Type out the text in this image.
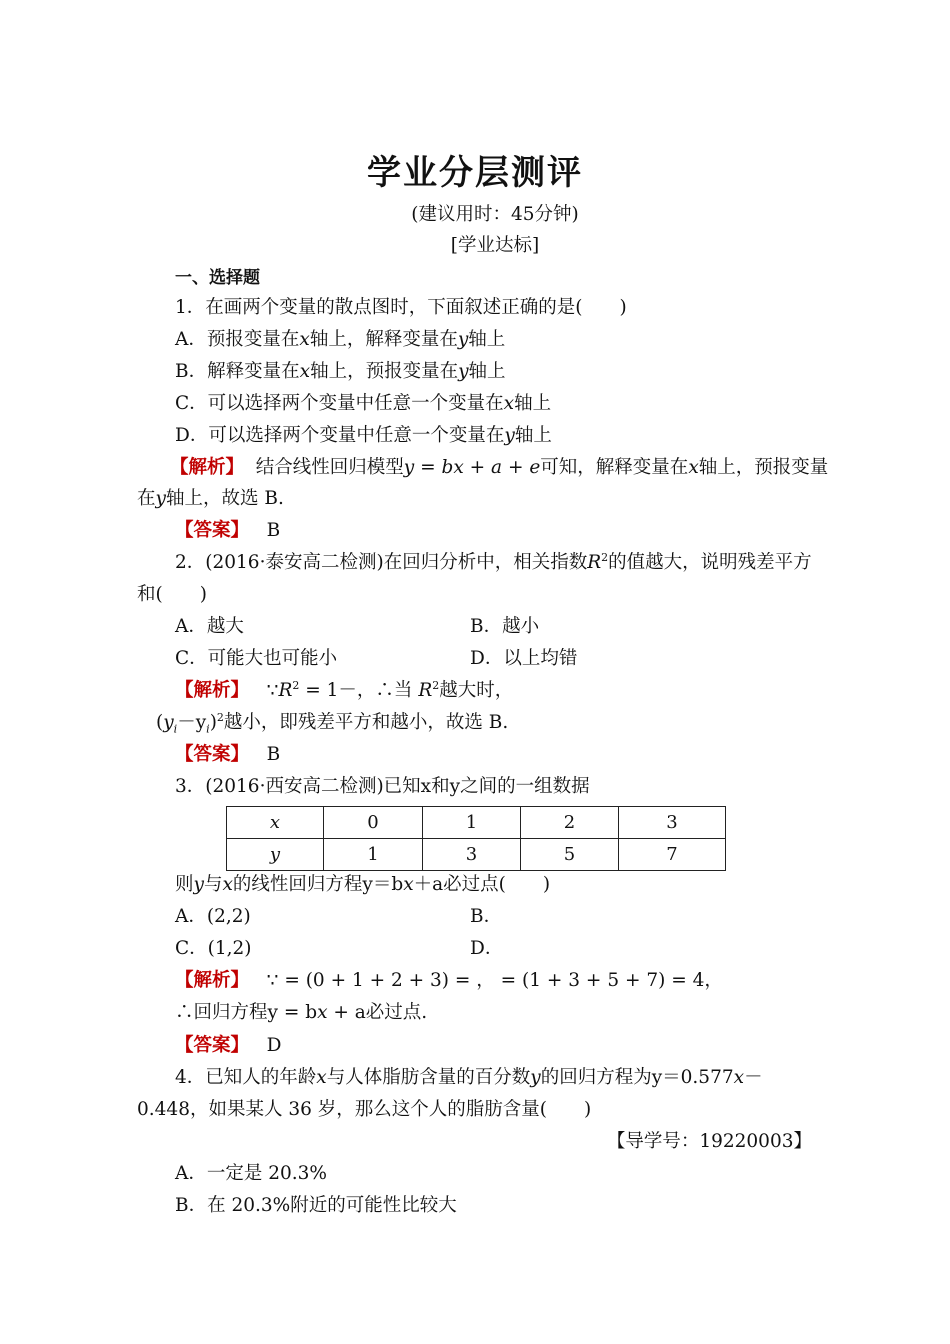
学业分层测评
(建议用时：45分钟)
[学业达标]
一、选择题
1．在画两个变量的散点图时，下面叙述正确的是(　　)
A．预报变量在x轴上，解释变量在y轴上
B．解释变量在x轴上，预报变量在y轴上
C．可以选择两个变量中任意一个变量在x轴上
D．可以选择两个变量中任意一个变量在y轴上
【解析】 结合线性回归模型y = bx + a + e可知，解释变量在x轴上，预报变量
在y轴上，故选 B.
【答案】 B
2．(2016·泰安高二检测)在回归分析中，相关指数$R^2$的值越大，说明残差平方
和(　　)
A．越大	B．越小
C．可能大也可能小	D．以上均错
【解析】 $\because R^2 = 1-$，∴当 $R^2$越大时，
$(y_i-y_i)^2$越小，即残差平方和越小，故选 B.
【答案】 B
3．(2016·西安高二检测)已知x和y之间的一组数据
x	0	1	2	3
y	1	3	5	7
则y与x的线性回归方程y＝bx＋a必过点(　　)
A．(2,2)	B．
C．(1,2)	D．
【解析】 ∵ = (0 + 1 + 2 + 3) = ， = (1 + 3 + 5 + 7) = 4，
∴回归方程y = bx + a必过点.
【答案】 D
4．已知人的年龄x与人体脂肪含量的百分数y的回归方程为y＝0.577x－
0.448，如果某人 36 岁，那么这个人的脂肪含量(　　)
【导学号：19220003】
A．一定是 20.3%
B．在 20.3%附近的可能性比较大
